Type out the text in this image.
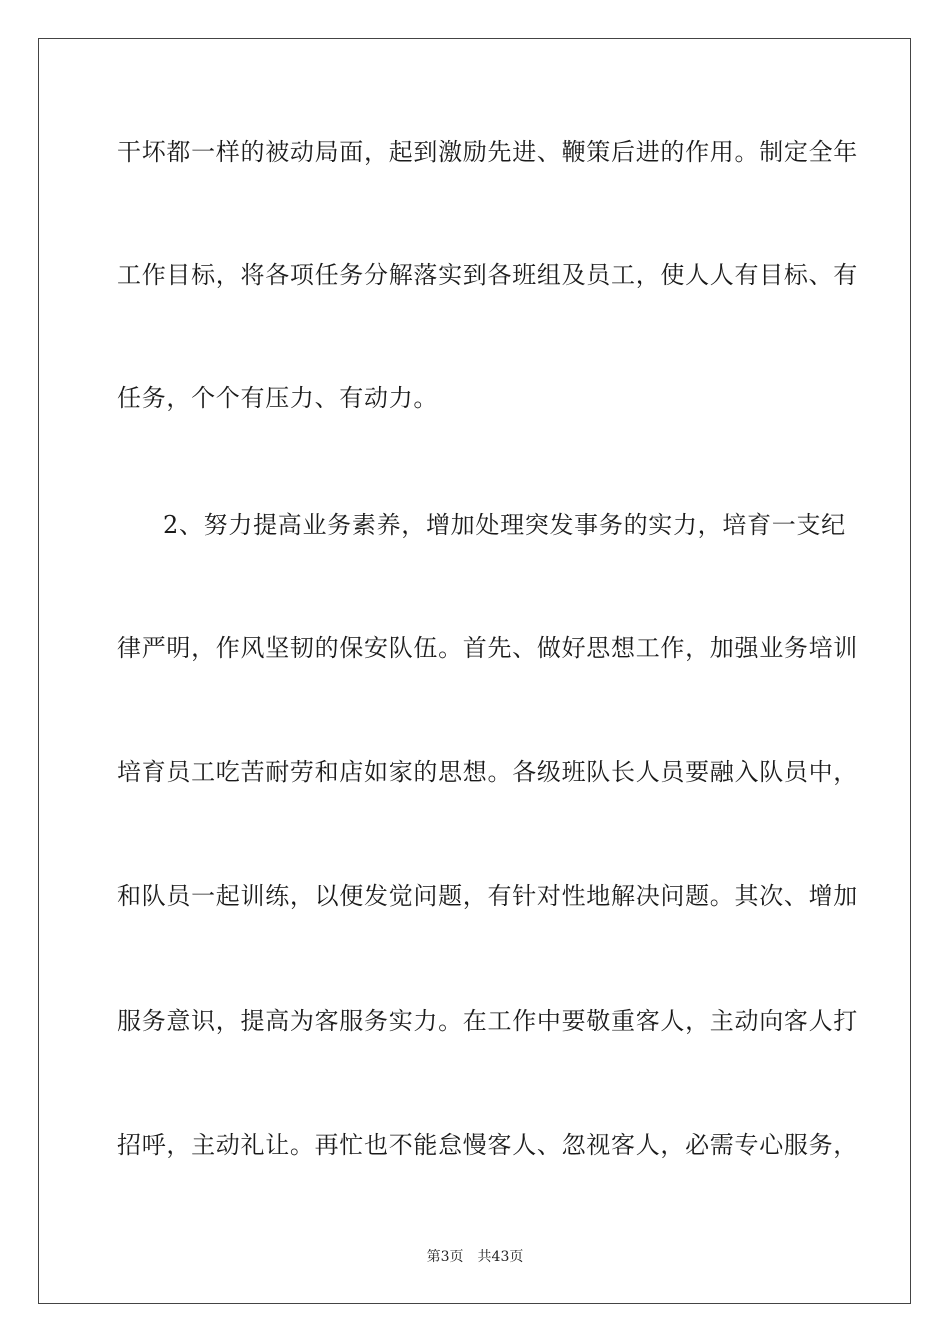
干坏都一样的被动局面，起到激励先进、鞭策后进的作用。制定全年
工作目标，将各项任务分解落实到各班组及员工，使人人有目标、有
任务，个个有压力、有动力。
2、努力提高业务素养，增加处理突发事务的实力，培育一支纪
律严明，作风坚韧的保安队伍。首先、做好思想工作，加强业务培训
培育员工吃苦耐劳和店如家的思想。各级班队长人员要融入队员中，
和队员一起训练，以便发觉问题，有针对性地解决问题。其次、增加
服务意识，提高为客服务实力。在工作中要敬重客人，主动向客人打
招呼，主动礼让。再忙也不能怠慢客人、忽视客人，必需专心服务，
第3页 共43页
